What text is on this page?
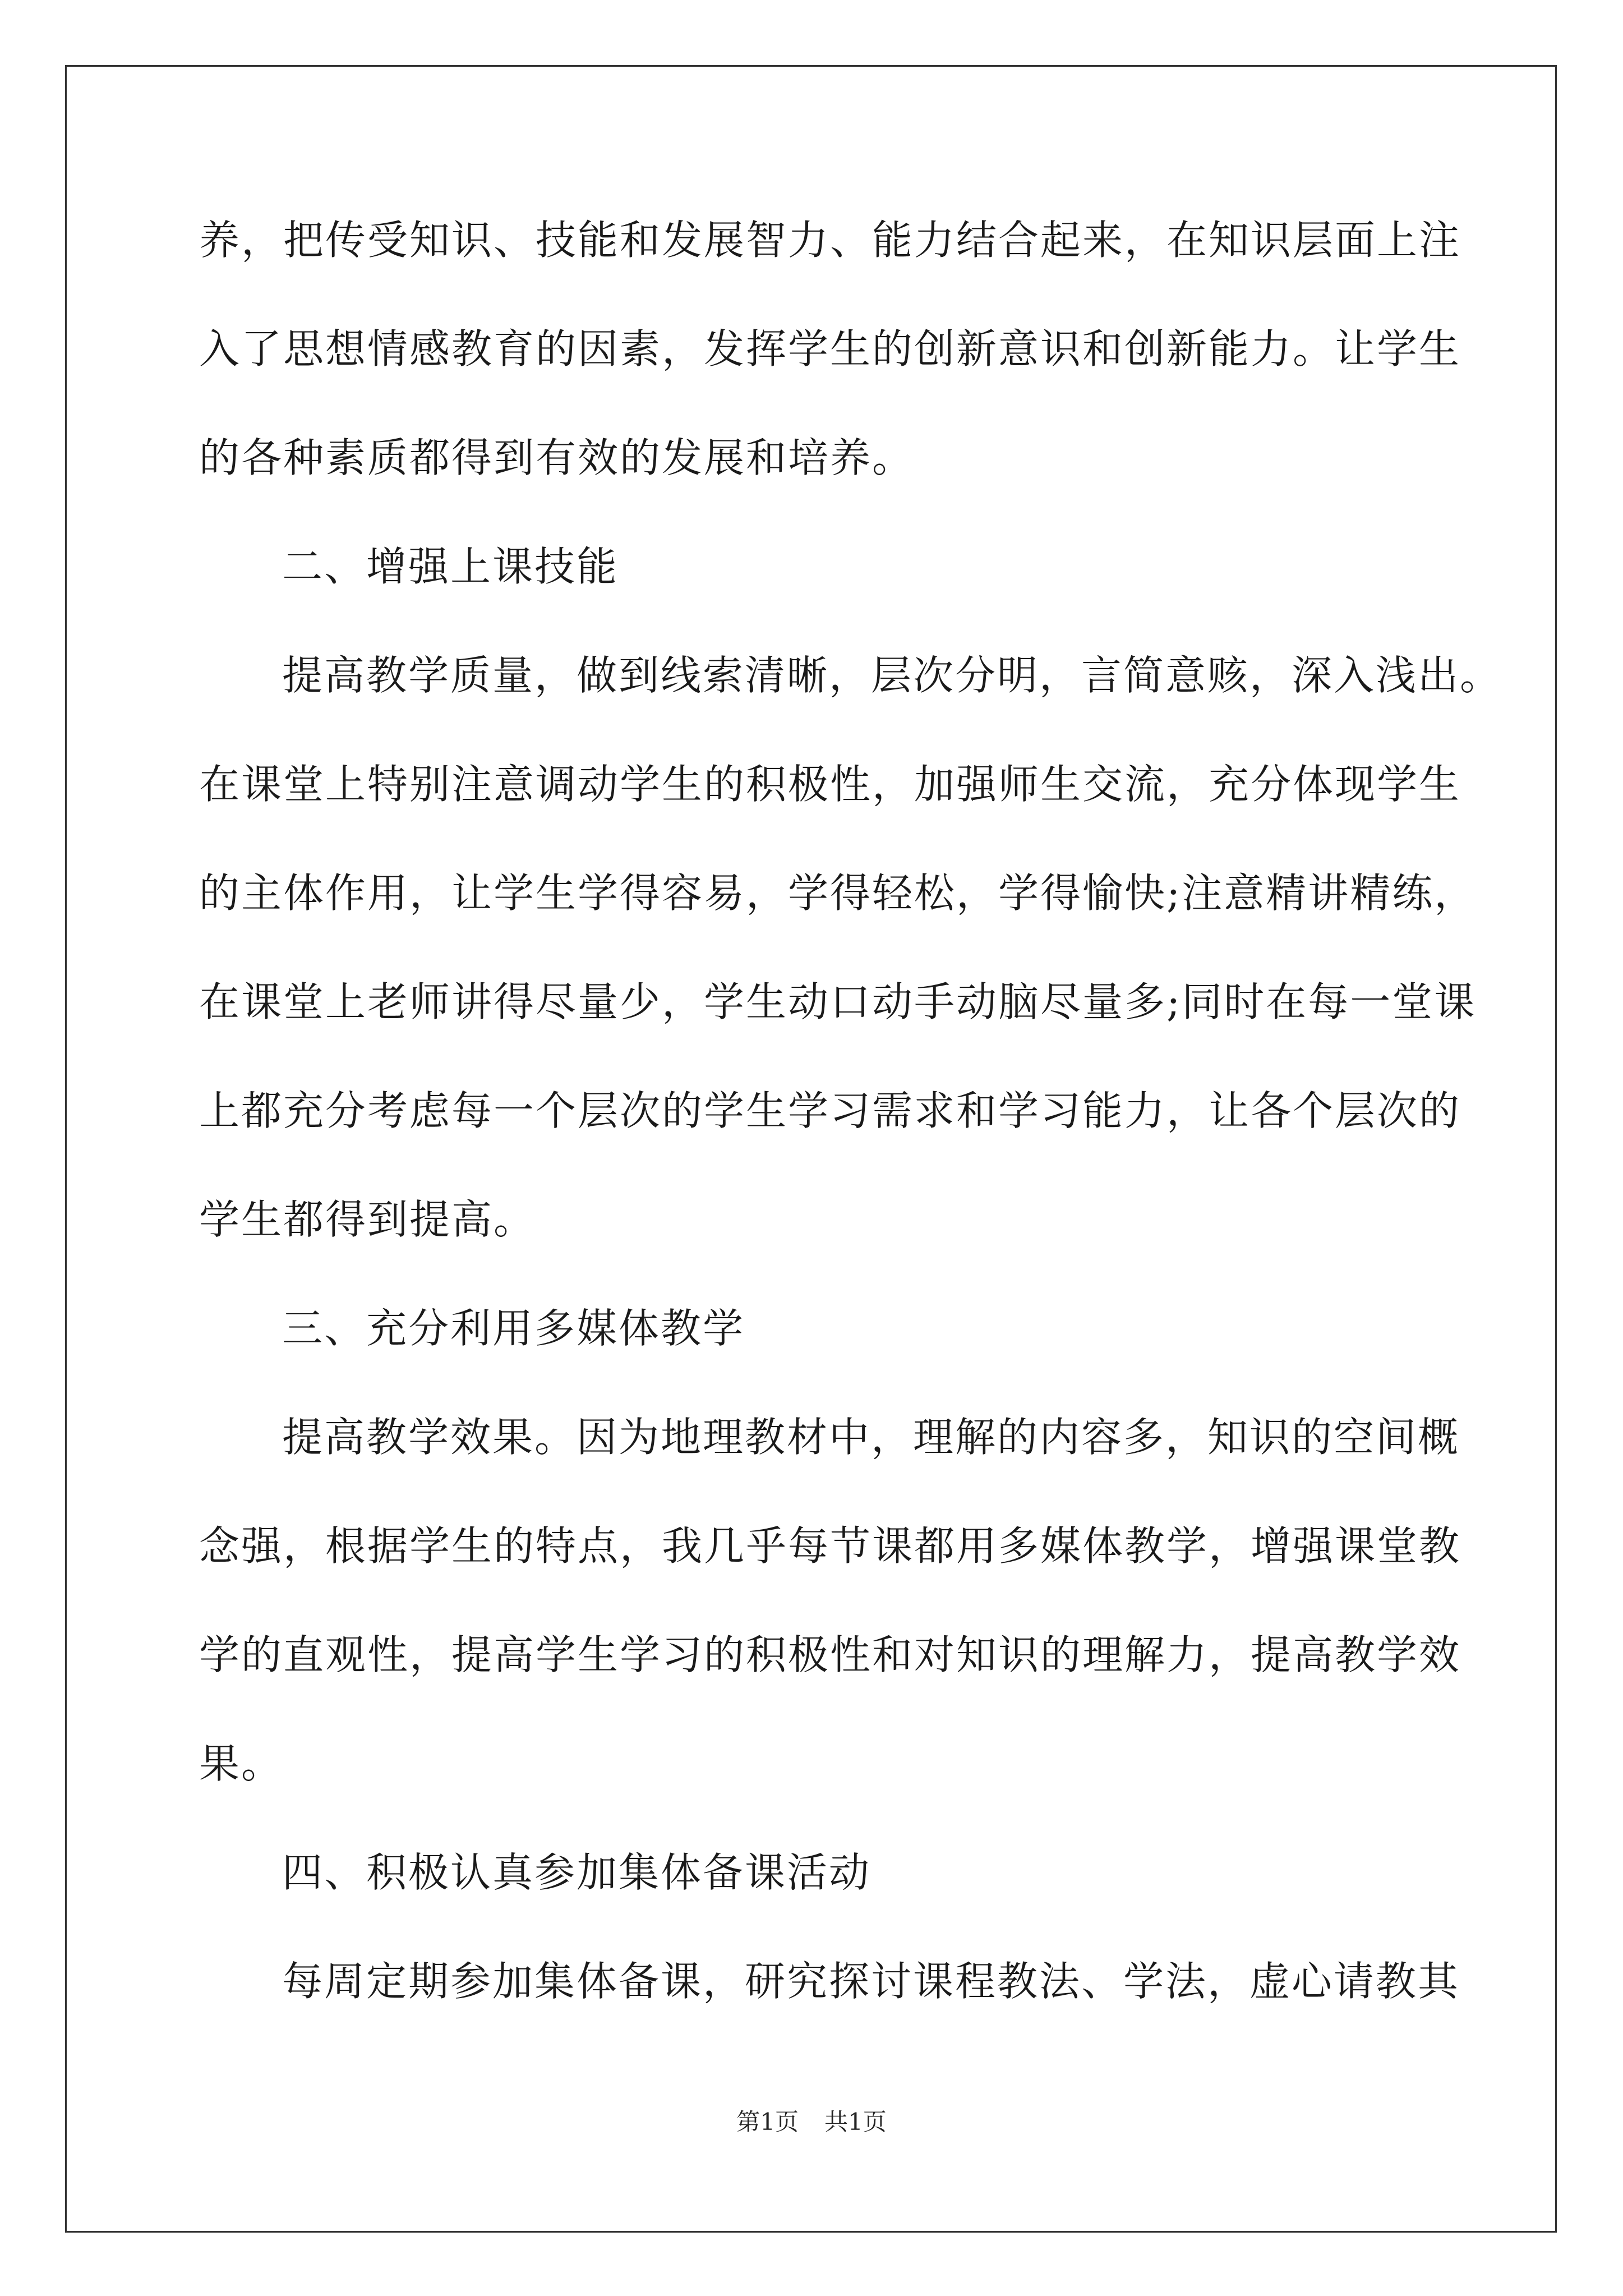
养，把传受知识、技能和发展智力、能力结合起来，在知识层面上注
入了思想情感教育的因素，发挥学生的创新意识和创新能力。让学生
的各种素质都得到有效的发展和培养。
二、增强上课技能
提高教学质量，做到线索清晰，层次分明，言简意赅，深入浅出。
在课堂上特别注意调动学生的积极性，加强师生交流，充分体现学生
的主体作用，让学生学得容易，学得轻松，学得愉快;注意精讲精练，
在课堂上老师讲得尽量少，学生动口动手动脑尽量多;同时在每一堂课
上都充分考虑每一个层次的学生学习需求和学习能力，让各个层次的
学生都得到提高。
三、充分利用多媒体教学
提高教学效果。因为地理教材中，理解的内容多，知识的空间概
念强，根据学生的特点，我几乎每节课都用多媒体教学，增强课堂教
学的直观性，提高学生学习的积极性和对知识的理解力，提高教学效
果。
四、积极认真参加集体备课活动
每周定期参加集体备课，研究探讨课程教法、学法，虚心请教其
第1页 共1页
